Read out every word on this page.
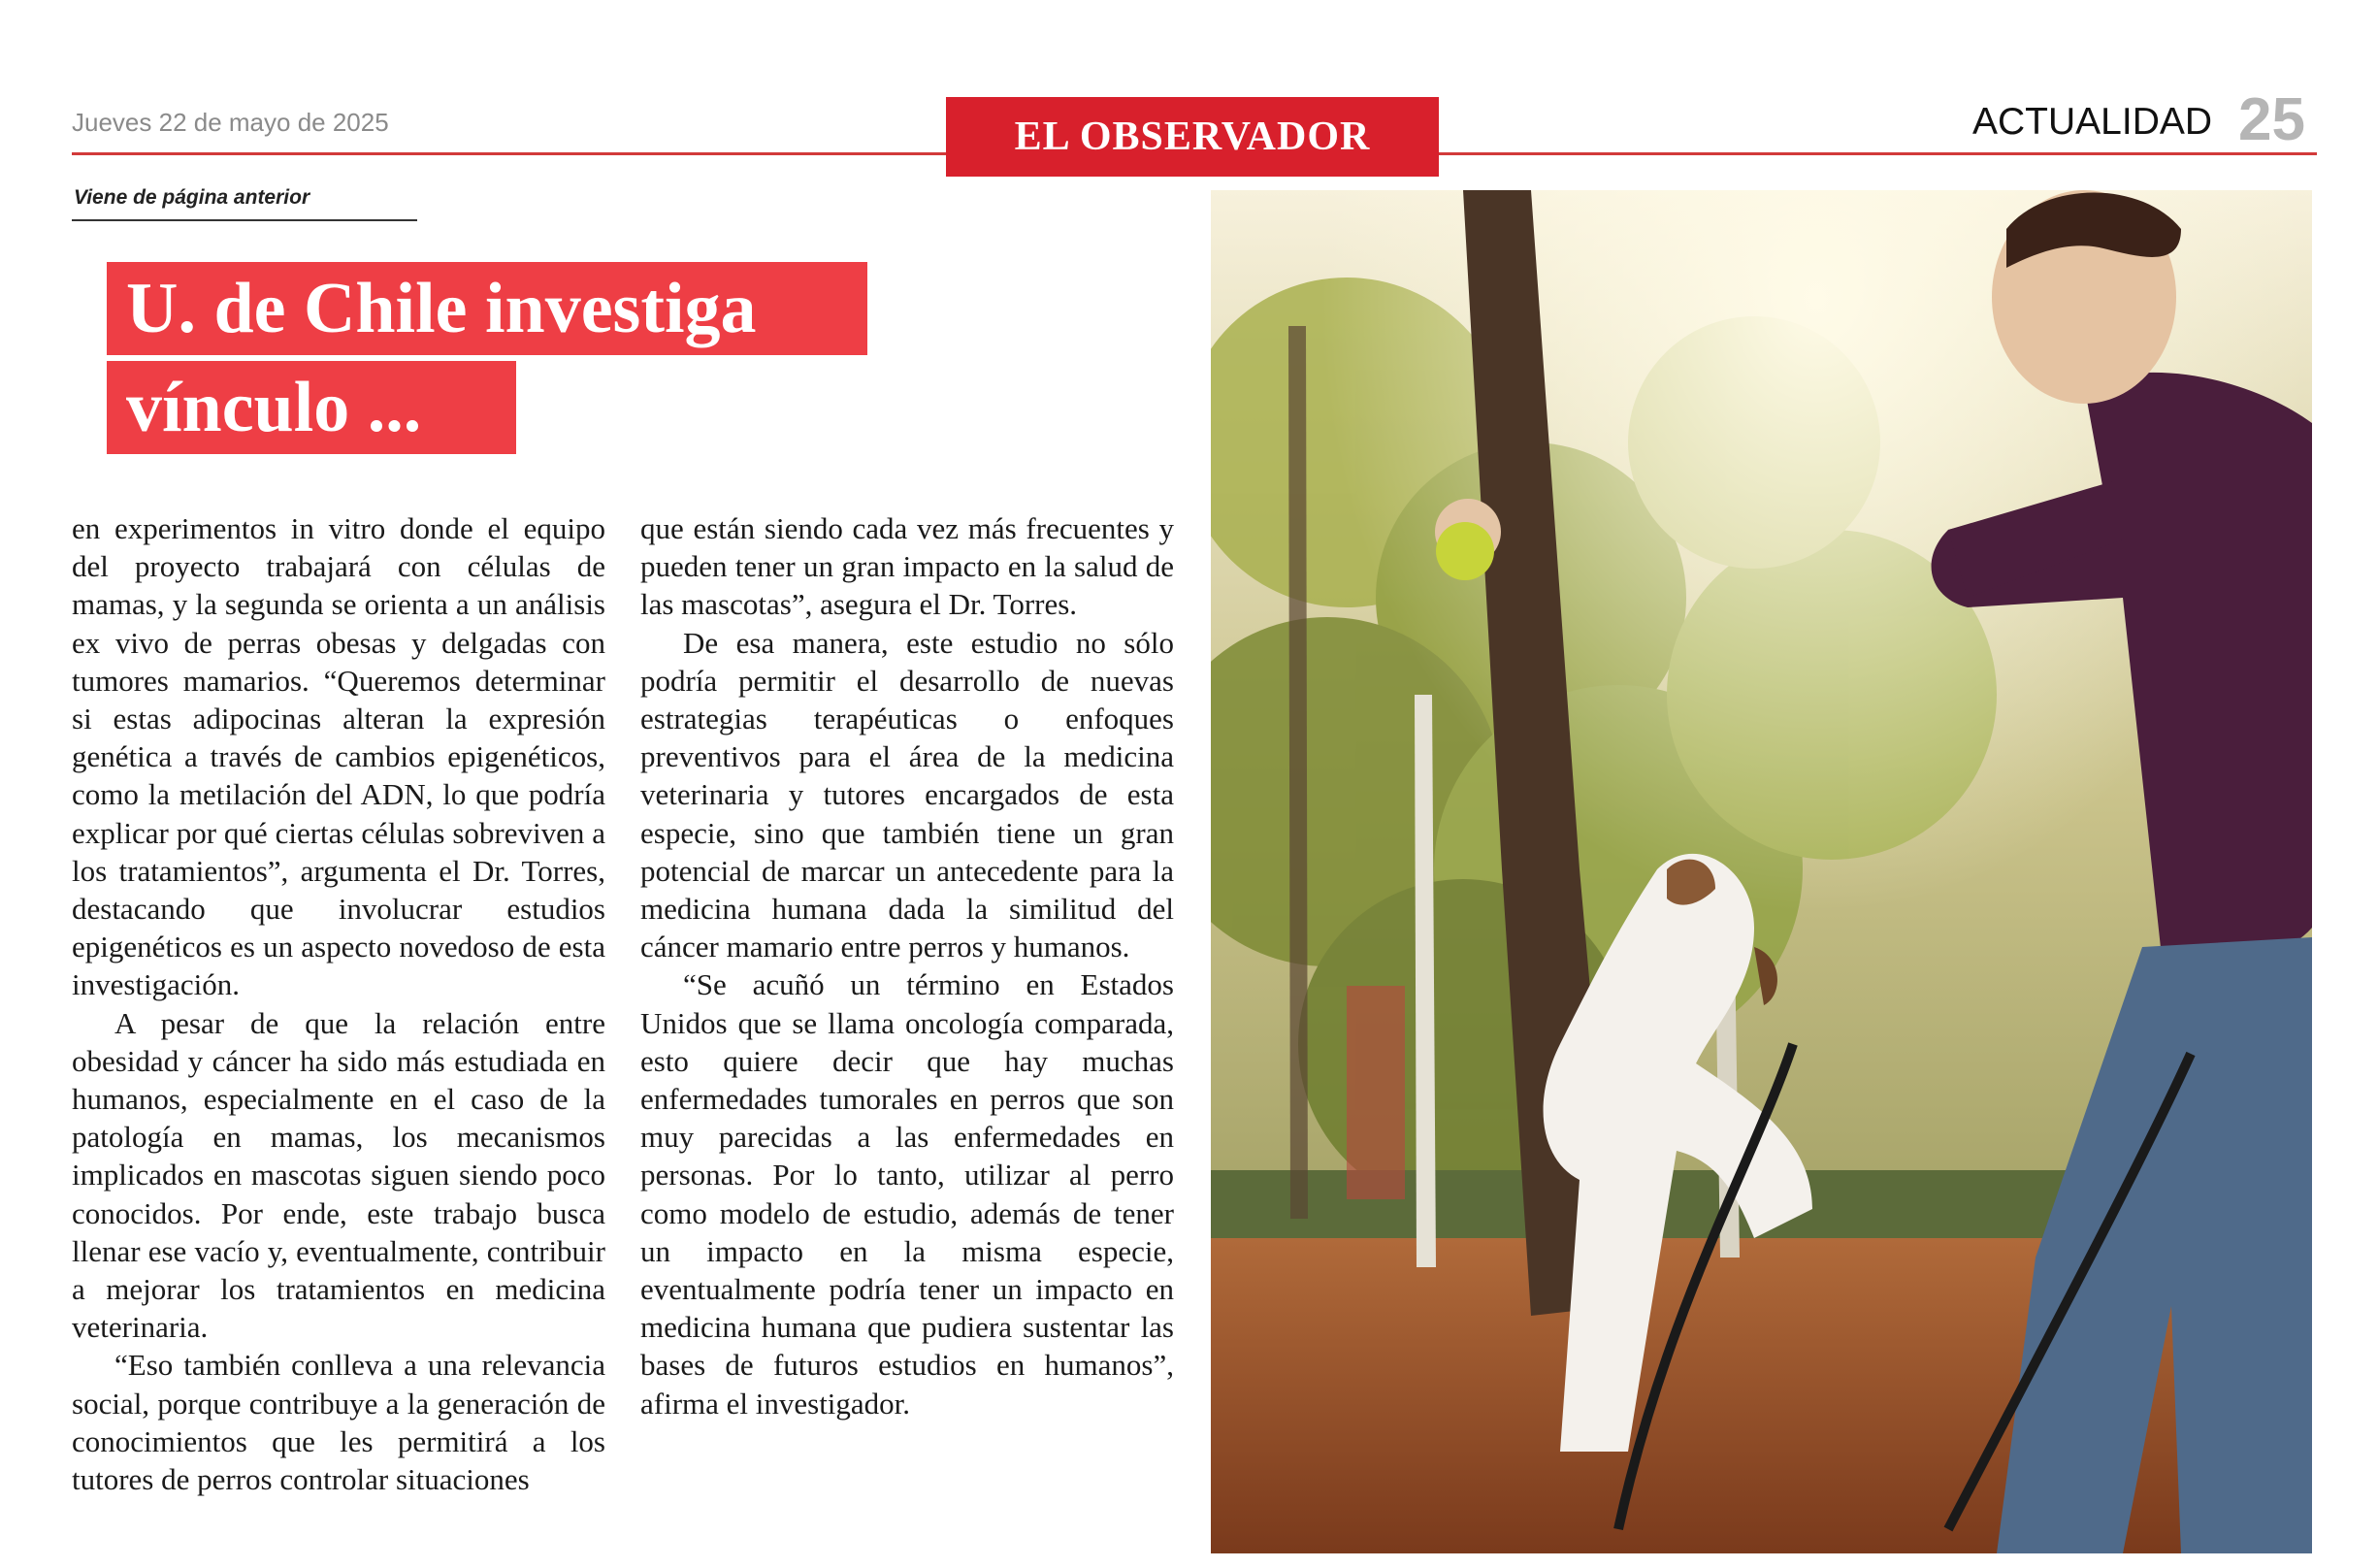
Jueves 22 de mayo de 2025	EL OBSERVADOR	ACTUALIDAD 25
Viene de página anterior
U. de Chile investiga
vínculo ...

en experimentos in vitro donde el equipo del proyecto trabajará con células de mamas, y la segunda se orienta a un análisis ex vivo de perras obesas y delgadas con tumores mamarios. “Queremos determinar si estas adipocinas alteran la expresión genética a través de cambios epigenéticos, como la metilación del ADN, lo que podría explicar por qué ciertas células sobreviven a los tratamientos”, argumenta el Dr. Torres, destacando que involucrar estudios epigenéticos es un aspecto novedoso de esta investigación.

A pesar de que la relación entre obesidad y cáncer ha sido más estudiada en humanos, especialmente en el caso de la patología en mamas, los mecanismos implicados en mascotas siguen siendo poco conocidos. Por ende, este trabajo busca llenar ese vacío y, eventualmente, contribuir a mejorar los tratamientos en medicina veterinaria.

“Eso también conlleva a una relevancia social, porque contribuye a la generación de conocimientos que les permitirá a los tutores de perros controlar situaciones

que están siendo cada vez más frecuentes y pueden tener un gran impacto en la salud de las mascotas”, asegura el Dr. Torres.

De esa manera, este estudio no sólo podría permitir el desarrollo de nuevas estrategias terapéuticas o enfoques preventivos para el área de la medicina veterinaria y tutores encargados de esta especie, sino que también tiene un gran potencial de marcar un antecedente para la medicina humana dada la similitud del cáncer mamario entre perros y humanos.

“Se acuñó un término en Estados Unidos que se llama oncología comparada, esto quiere decir que hay muchas enfermedades tumorales en perros que son muy parecidas a las enfermedades en personas. Por lo tanto, utilizar al perro como modelo de estudio, además de tener un impacto en la misma especie, eventualmente podría tener un impacto en medicina humana que pudiera sustentar las bases de futuros estudios en humanos”, afirma el investigador.
